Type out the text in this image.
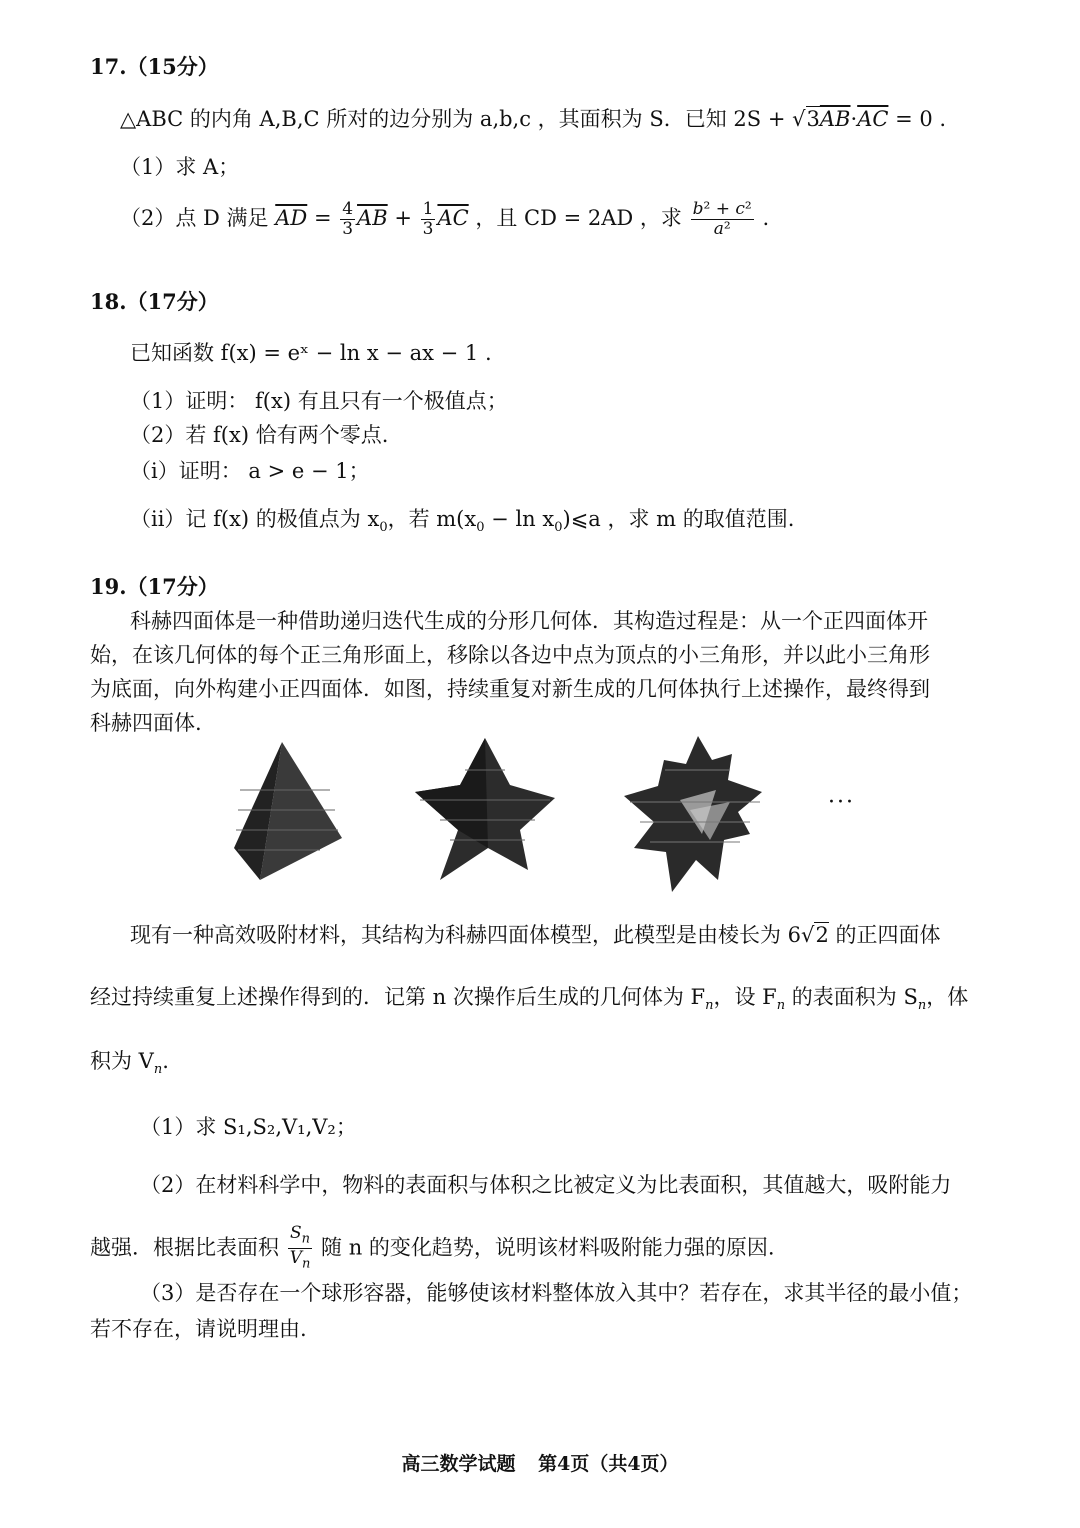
17.（15分）
△ABC 的内角 A,B,C 所对的边分别为 a,b,c ，其面积为 S．已知 $2S + √3\overline{AB}\cdot\overline{AC} = 0$ .
（1）求 A；
（2）点 D 满足 $\overline{AD} = \frac{4}{3} \overline{AB} + \frac{1}{3} \overline{AC}$ ，且 CD = 2AD ，求 $\frac{\text{b² + c²}}{\text{a²}}$ .
18.（17分）
已知函数 f(x) = eˣ − ln x − ax − 1 .
（1）证明： f(x) 有且只有一个极值点；
（2）若 f(x) 恰有两个零点.
（i）证明： a > e − 1；
（ii）记 f(x) 的极值点为 $x_0$，若 $m(x_0 - \ln$ $x_0)⩽a$ ，求 m 的取值范围.
19.（17分）
科赫四面体是一种借助递归迭代生成的分形几何体．其构造过程是：从一个正四面体开
始，在该几何体的每个正三角形面上，移除以各边中点为顶点的小三角形，并以此小三角形
为底面，向外构建小正四面体．如图，持续重复对新生成的几何体执行上述操作，最终得到
科赫四面体.
···
现有一种高效吸附材料，其结构为科赫四面体模型，此模型是由棱长为 6√2 的正四面体
经过持续重复上述操作得到的．记第 n 次操作后生成的几何体为 $F_n$，设 $F_n$ 的表面积为 $S_n$，体
积为 $V_n$.
（1）求 S₁,S₂,V₁,V₂；
（2）在材料科学中，物料的表面积与体积之比被定义为比表面积，其值越大，吸附能力
越强．根据比表面积 $\frac{S_n}{V_n}$ 随 n 的变化趋势，说明该材料吸附能力强的原因.
（3）是否存在一个球形容器，能够使该材料整体放入其中？若存在，求其半径的最小值；
若不存在，请说明理由.
高三数学试题 第4页（共4页）
